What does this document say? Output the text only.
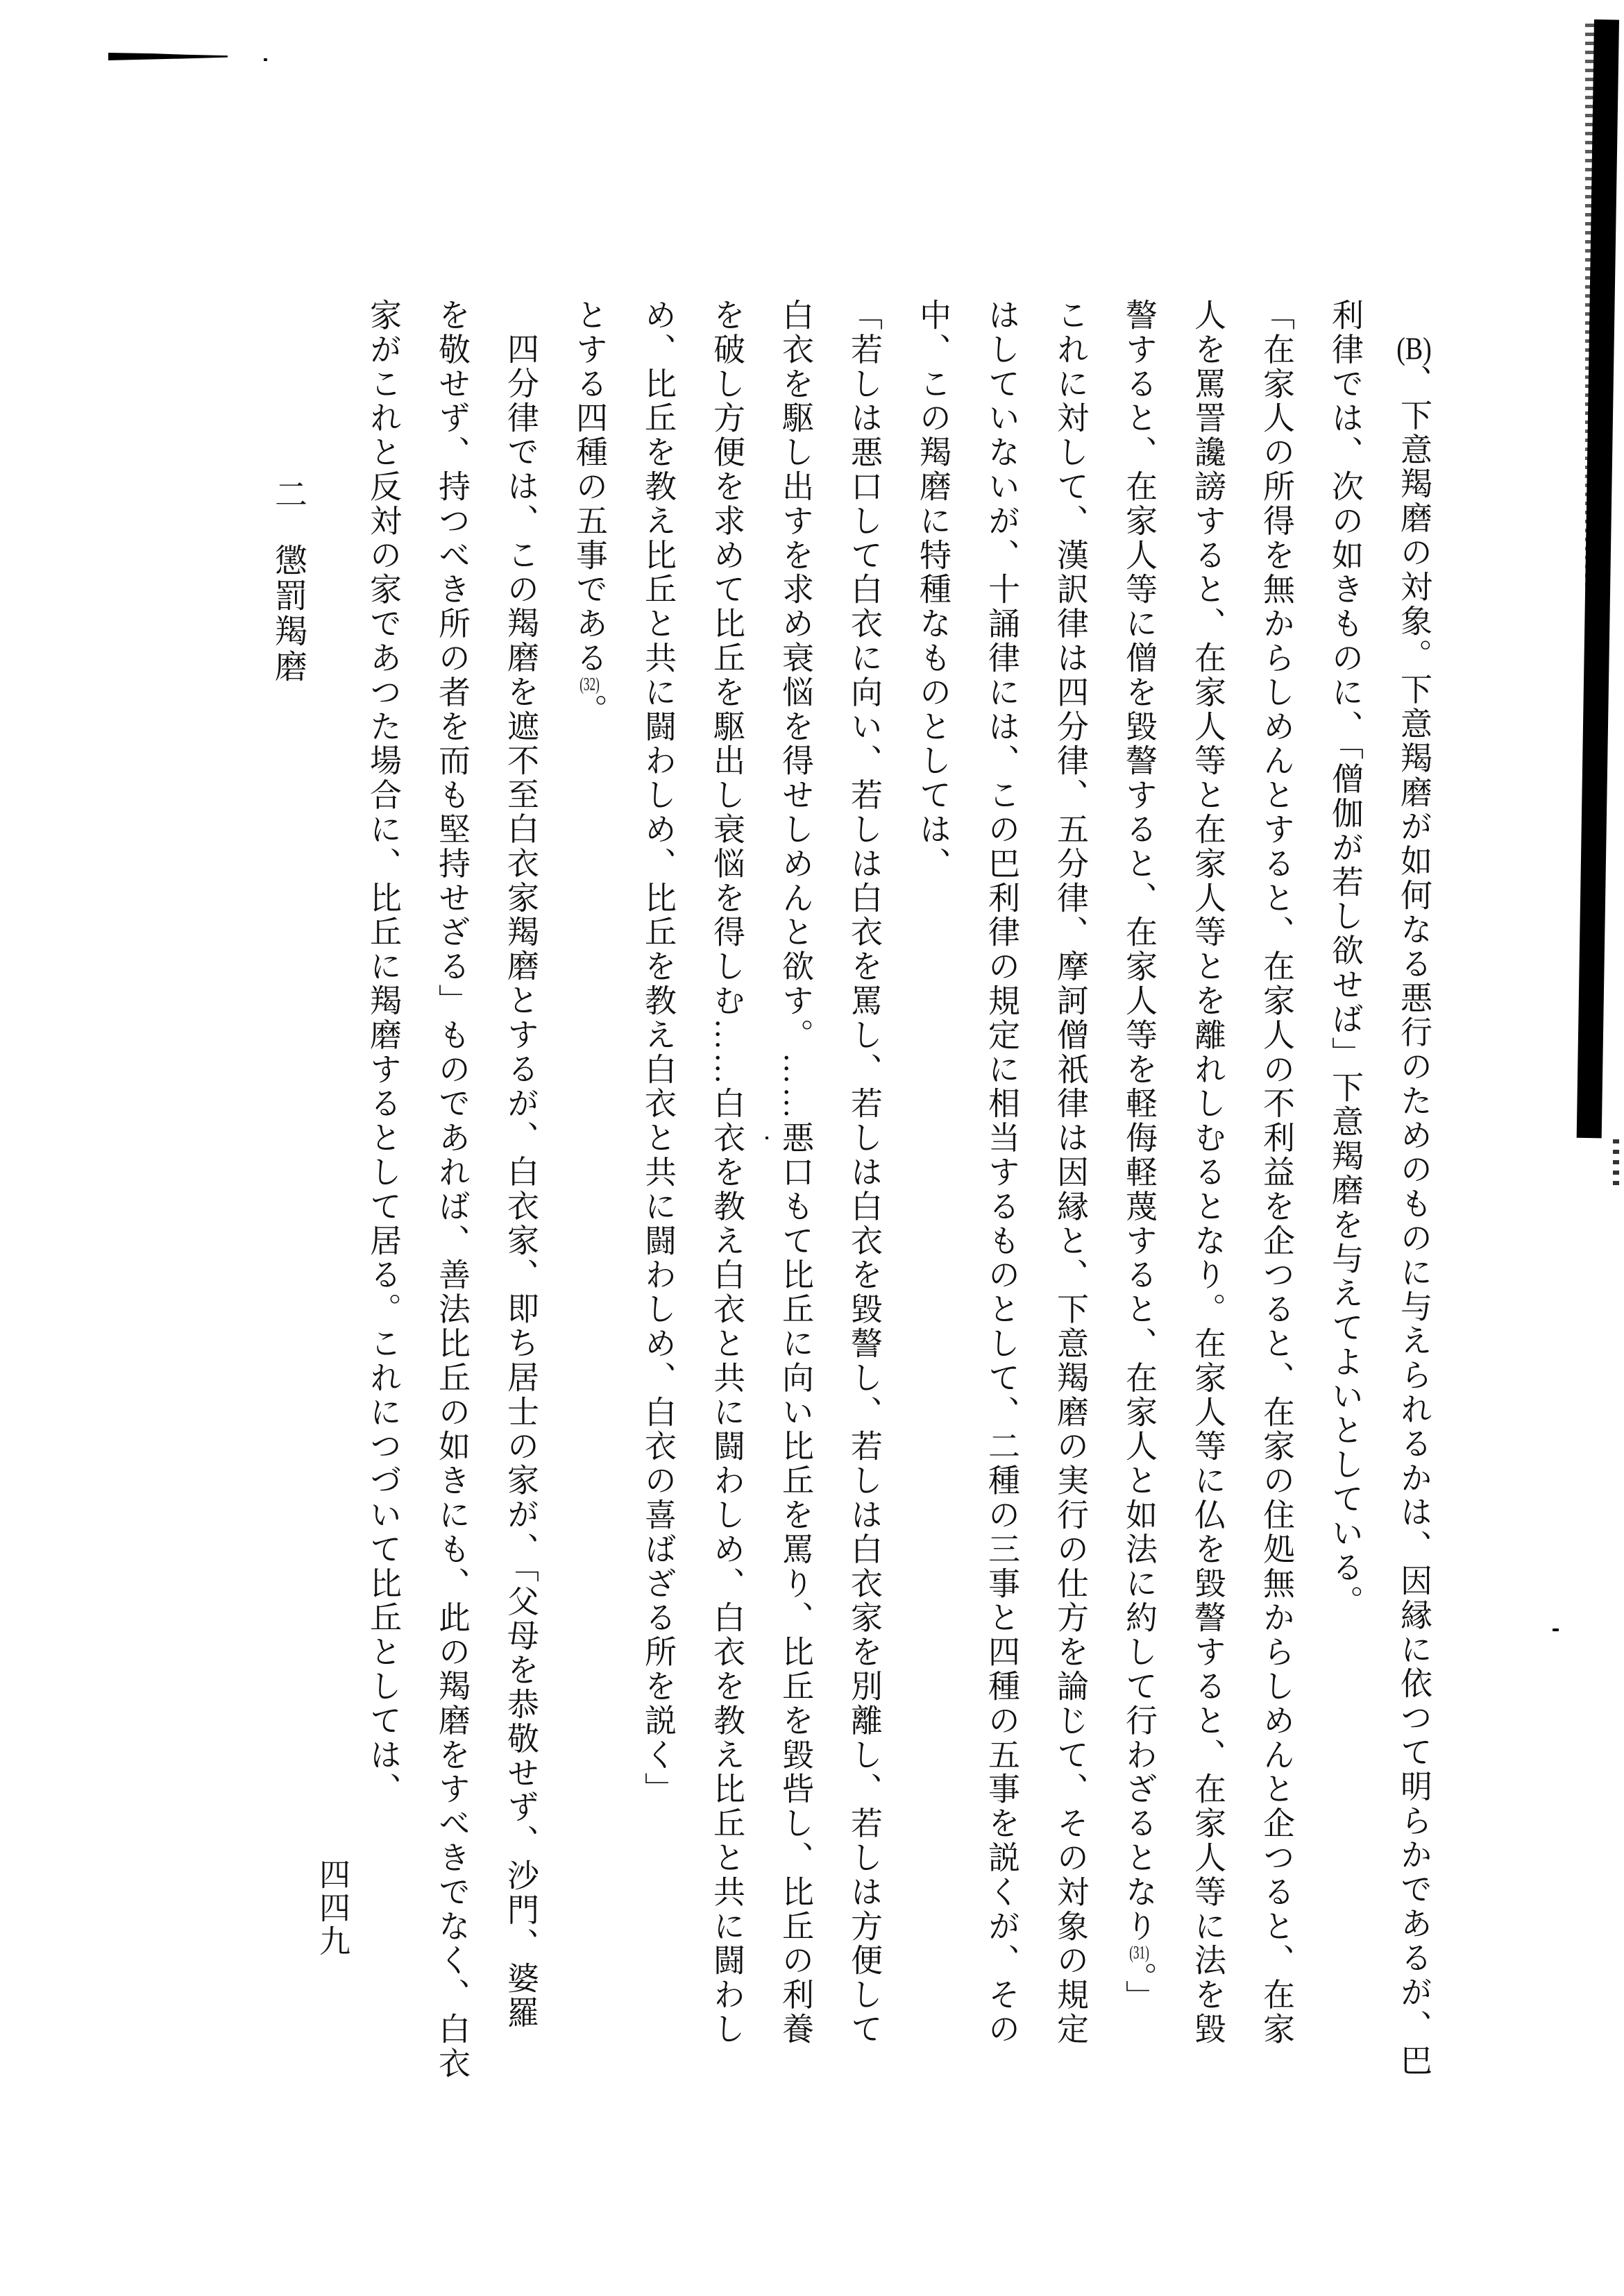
(B)、下意羯磨の対象。下意羯磨が如何なる悪行のためのものに与えられるかは、因縁に依つて明らかであるが、巴
利律では、次の如きものに、「僧伽が若し欲せば」下意羯磨を与えてよいとしている。
「在家人の所得を無からしめんとすると、在家人の不利益を企つると、在家の住処無からしめんと企つると、在家
人を罵詈讒謗すると、在家人等と在家人等とを離れしむるとなり。在家人等に仏を毀謷すると、在家人等に法を毀
謷すると、在家人等に僧を毀謷すると、在家人等を軽侮軽蔑すると、在家人と如法に約して行わざるとなり(31)。」
これに対して、漢訳律は四分律、五分律、摩訶僧祇律は因縁と、下意羯磨の実行の仕方を論じて、その対象の規定
はしていないが、十誦律には、この巴利律の規定に相当するものとして、二種の三事と四種の五事を説くが、その
中、この羯磨に特種なものとしては、
「若しは悪口して白衣に向い、若しは白衣を罵し、若しは白衣を毀謷し、若しは白衣家を別離し、若しは方便して
白衣を駆し出すを求め衰悩を得せしめんと欲す。……悪口もて比丘に向い比丘を罵り、比丘を毀呰し、比丘の利養
を破し方便を求めて比丘を駆出し衰悩を得しむ……白衣を教え白衣と共に闘わしめ、白衣を教え比丘と共に闘わし
め、比丘を教え比丘と共に闘わしめ、比丘を教え白衣と共に闘わしめ、白衣の喜ばざる所を説く」
とする四種の五事である(32)。
四分律では、この羯磨を遮不至白衣家羯磨とするが、白衣家、即ち居士の家が、「父母を恭敬せず、沙門、婆羅
を敬せず、持つべき所の者を而も堅持せざる」ものであれば、善法比丘の如きにも、此の羯磨をすべきでなく、白衣
家がこれと反対の家であつた場合に、比丘に羯磨するとして居る。これにつづいて比丘としては、
二懲罰羯磨
四四九
